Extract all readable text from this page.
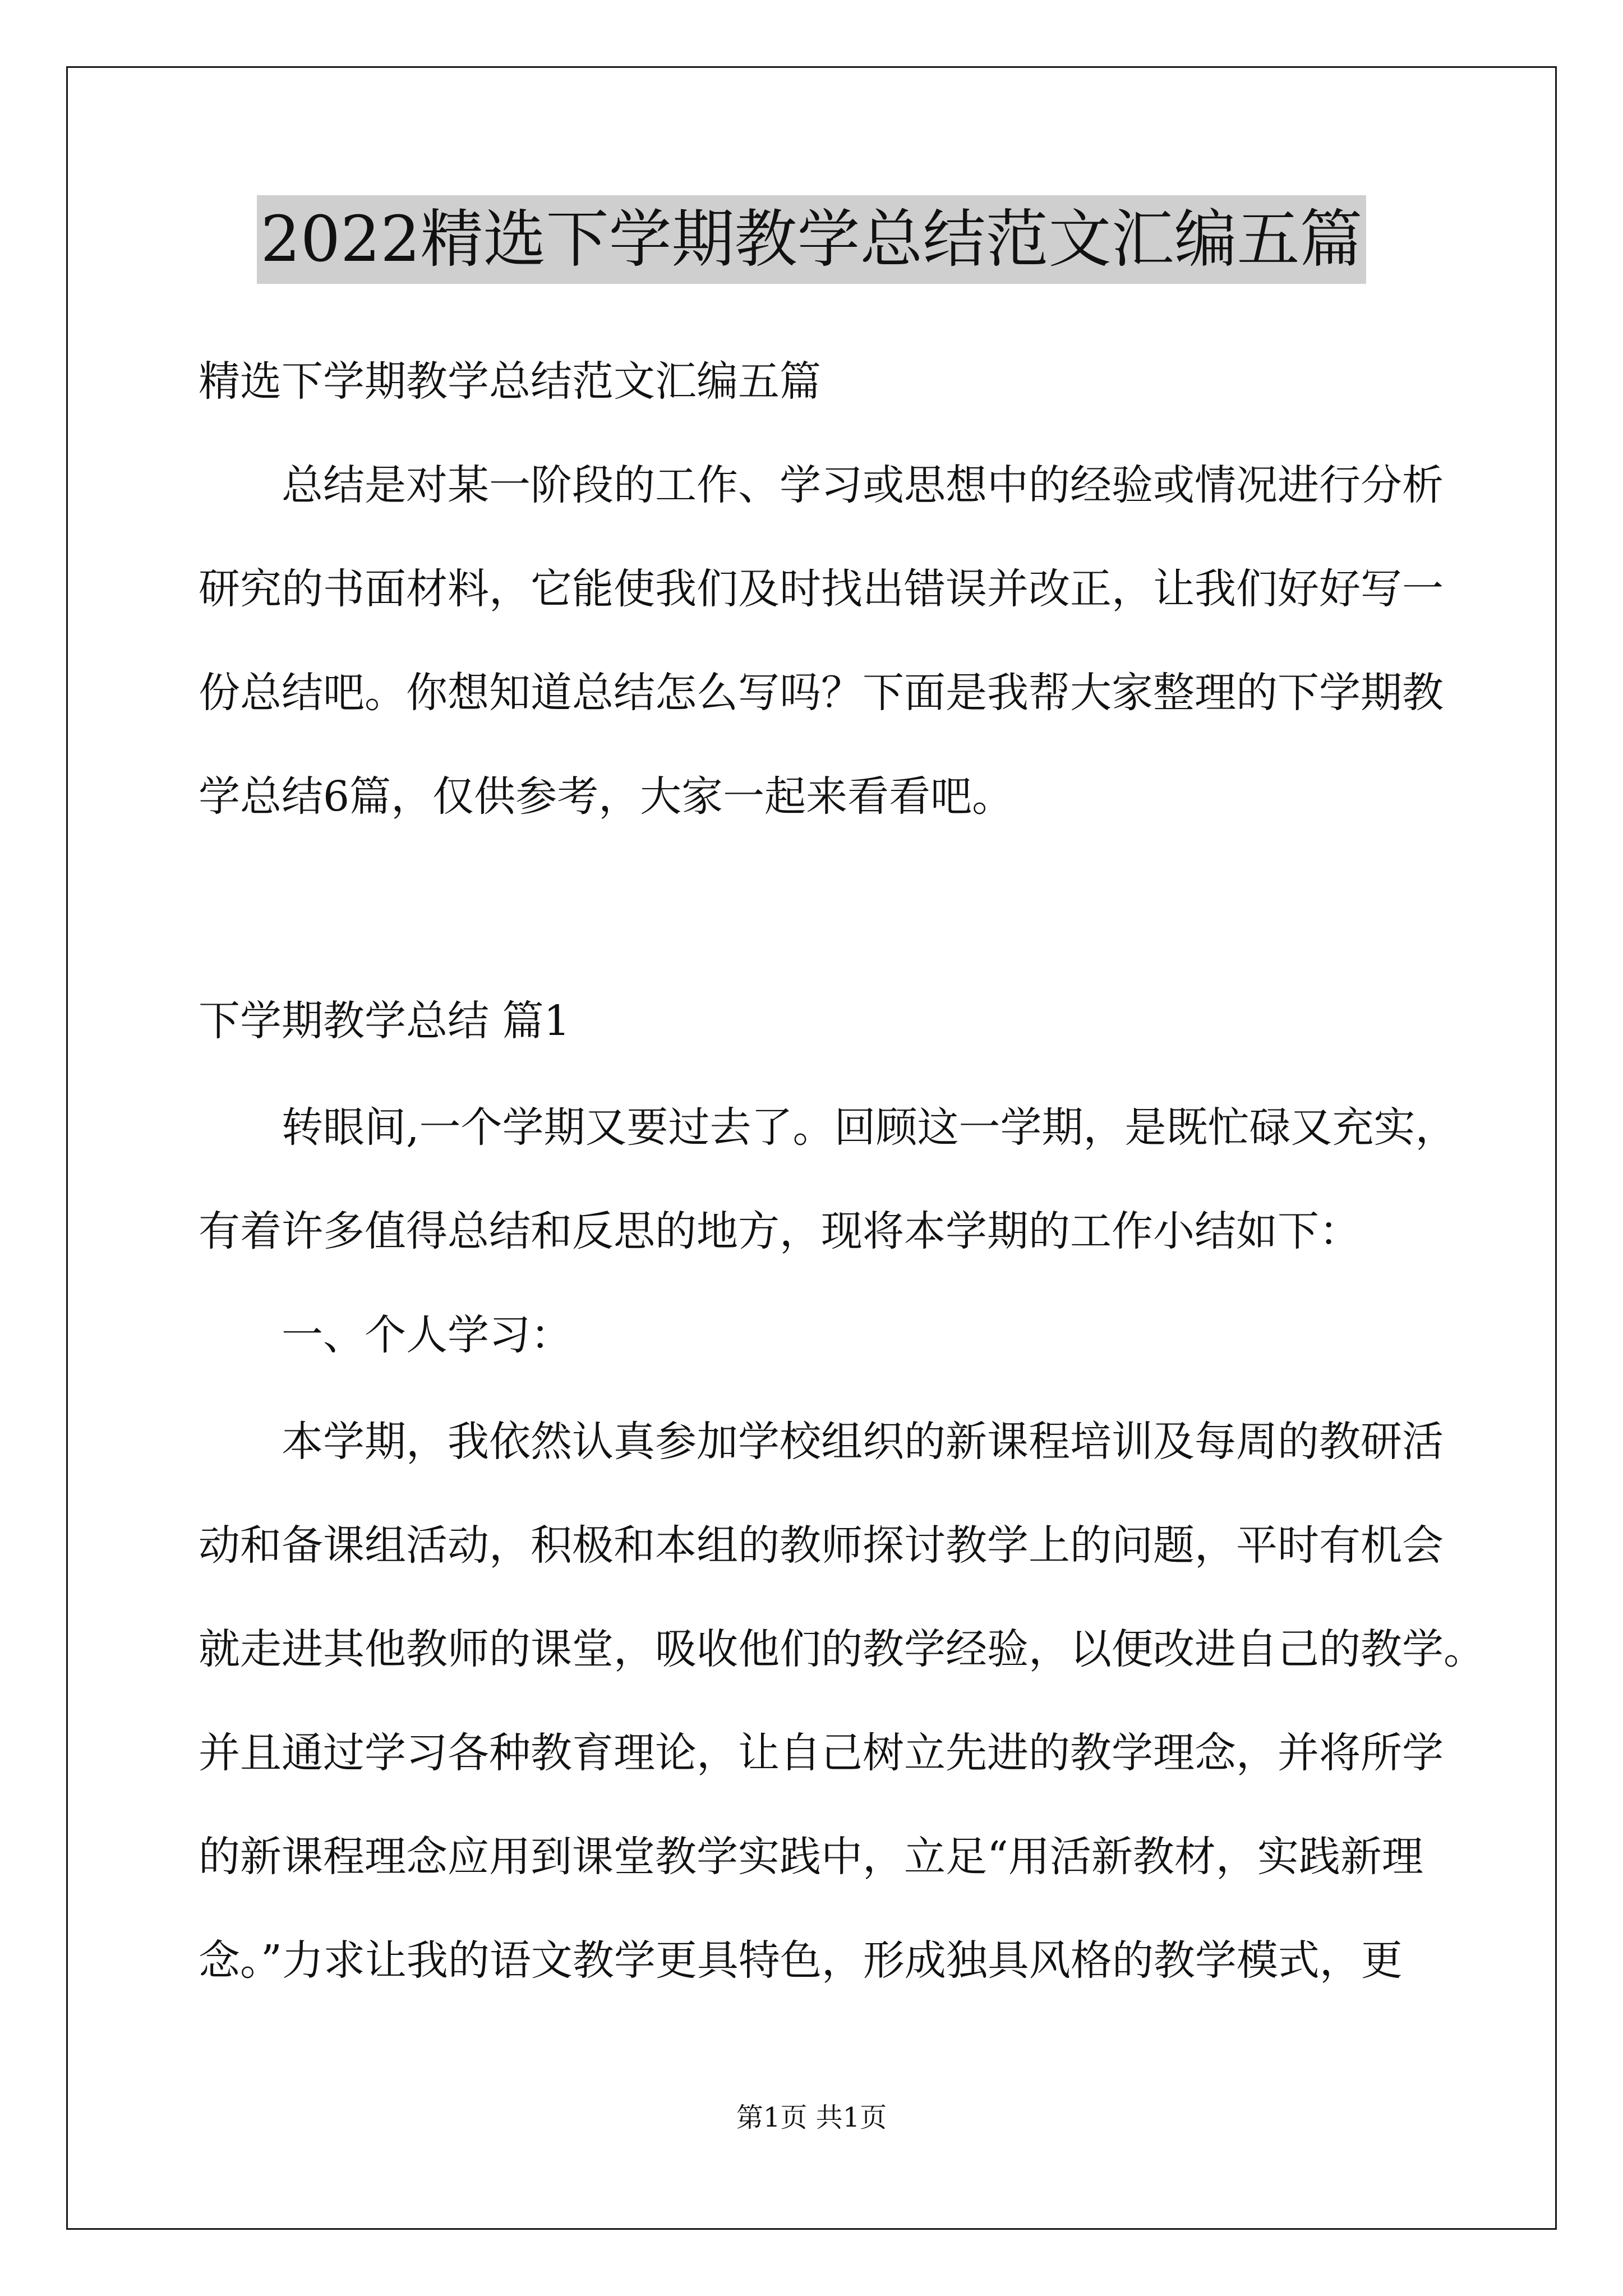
2022精选下学期教学总结范文汇编五篇
精选下学期教学总结范文汇编五篇
总结是对某一阶段的工作、学习或思想中的经验或情况进行分析
研究的书面材料，它能使我们及时找出错误并改正，让我们好好写一
份总结吧。你想知道总结怎么写吗？下面是我帮大家整理的下学期教
学总结6篇，仅供参考，大家一起来看看吧。
下学期教学总结 篇1
转眼间,一个学期又要过去了。回顾这一学期，是既忙碌又充实，
有着许多值得总结和反思的地方，现将本学期的工作小结如下：
一、个人学习：
本学期，我依然认真参加学校组织的新课程培训及每周的教研活
动和备课组活动，积极和本组的教师探讨教学上的问题，平时有机会
就走进其他教师的课堂，吸收他们的教学经验，以便改进自己的教学。
并且通过学习各种教育理论，让自己树立先进的教学理念，并将所学
的新课程理念应用到课堂教学实践中，立足“用活新教材，实践新理
念。”力求让我的语文教学更具特色，形成独具风格的教学模式，更
第1页 共1页
